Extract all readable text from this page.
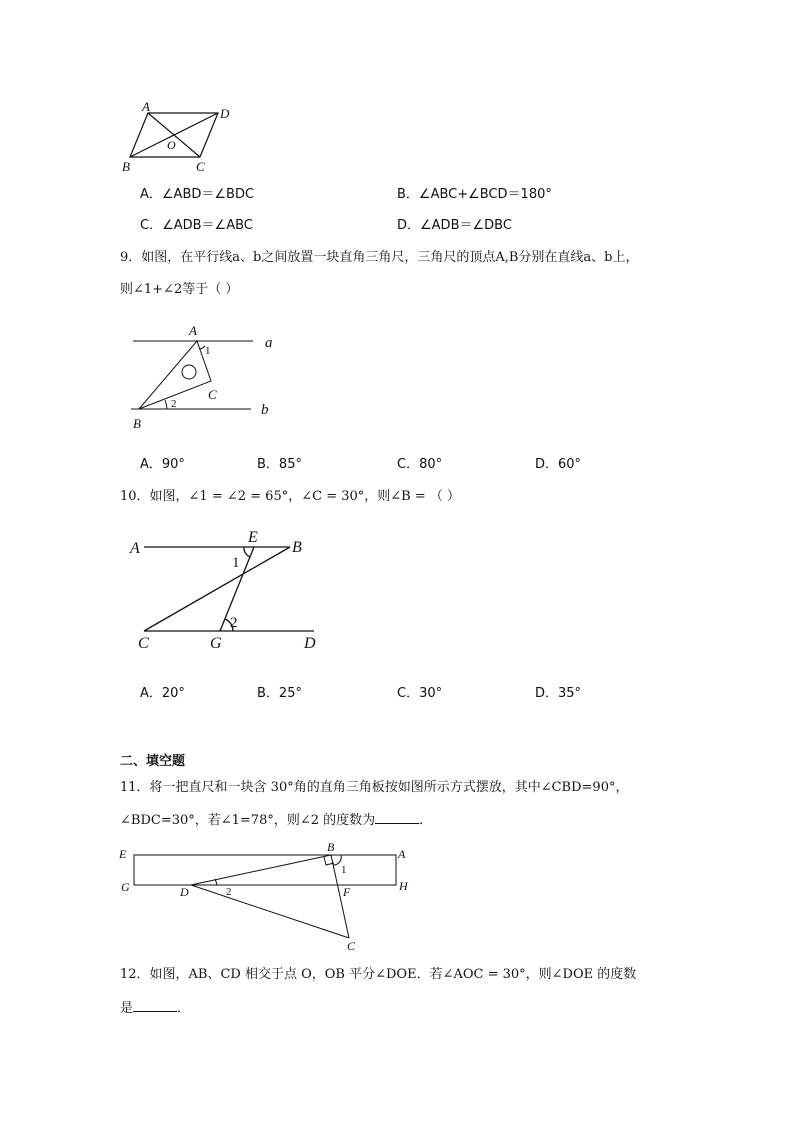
A	D
B	C
O
A．∠ABD＝∠BDC	B．∠ABC+∠BCD＝180°
C．∠ADB＝∠ABC	D．∠ADB＝∠DBC
9．如图，在平行线a、b之间放置一块直角三角尺，三角尺的顶点A,B分别在直线a、b上，
则∠1+∠2等于（ ）
A
1
C
2
B
a
b
A．90°	B．85°	C．80°	D．60°
10．如图，∠1 = ∠2 = 65°，∠C = 30°，则∠B = （ ）
A
E
B
1
2
C	G	D
A．20°	B．25°	C．30°	D．35°
二、填空题
11．将一把直尺和一块含 30°角的直角三角板按如图所示方式摆放，其中∠CBD=90°，
∠BDC=30°，若∠1=78°，则∠2 的度数为	．
E	A
G	H
B
1
D	2	F
C
12．如图，AB、CD 相交于点 O，OB 平分∠DOE．若∠AOC = 30°，则∠DOE 的度数
是	．
